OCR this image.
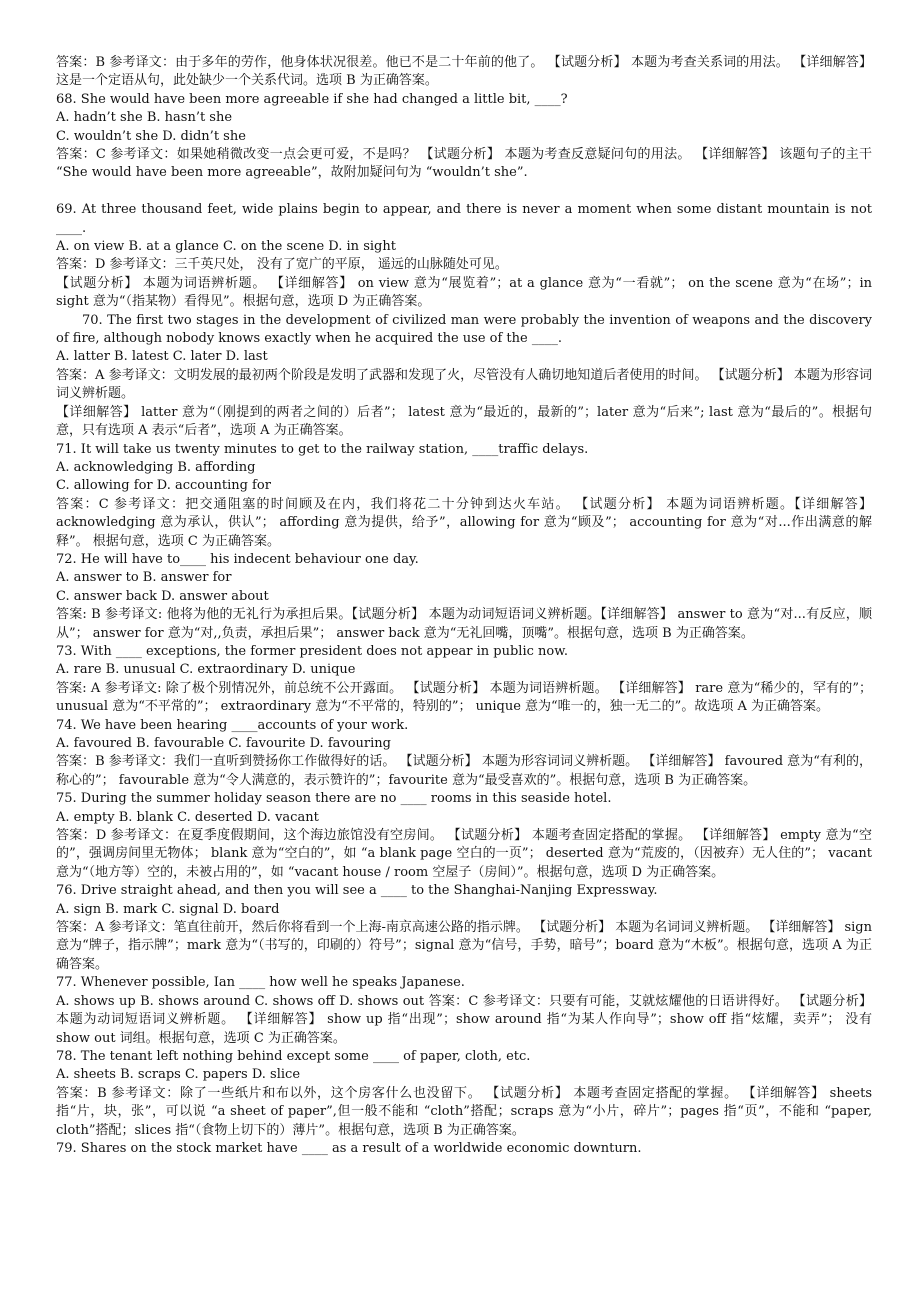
答案：B 参考译文：由于多年的劳作，他身体状况很差。他已不是二十年前的他了。 【试题分析】 本题为考查关系词的用法。 【详细解答】 这是一个定语从句，此处缺少一个关系代词。选项 B 为正确答案。

68. She would have been more agreeable if she had changed a little bit, ____?

A. hadn’t she B. hasn’t she

C. wouldn’t she D. didn’t she

答案：C 参考译文：如果她稍微改变一点会更可爱，不是吗？ 【试题分析】 本题为考查反意疑问句的用法。 【详细解答】 该题句子的主干 “She would have been more agreeable”，故附加疑问句为 “wouldn’t she”.

69. At three thousand feet, wide plains begin to appear, and there is never a moment when some distant mountain is not ____.

A. on view B. at a glance C. on the scene D. in sight

答案：D 参考译文：三千英尺处， 没有了宽广的平原， 遥远的山脉随处可见。

【试题分析】 本题为词语辨析题。 【详细解答】 on view 意为“展览着”；at a glance 意为“一看就”； on the scene 意为“在场”；in sight 意为“（指某物）看得见”。根据句意，选项 D 为正确答案。

70. The first two stages in the development of civilized man were probably the invention of weapons and the discovery of fire, although nobody knows exactly when he acquired the use of the ____.

A. latter B. latest C. later D. last

答案：A 参考译文：文明发展的最初两个阶段是发明了武器和发现了火，尽管没有人确切地知道后者使用的时间。 【试题分析】 本题为形容词词义辨析题。

【详细解答】 latter 意为“（刚提到的两者之间的）后者”； latest 意为“最近的，最新的”；later 意为“后来”; last 意为“最后的”。根据句意，只有选项 A 表示“后者”，选项 A 为正确答案。

71. It will take us twenty minutes to get to the railway station, ____traffic delays.

A. acknowledging B. affording

C. allowing for D. accounting for

答案：C 参考译文：把交通阻塞的时间顾及在内，我们将花二十分钟到达火车站。 【试题分析】 本题为词语辨析题。【详细解答】 acknowledging 意为承认，供认”； affording 意为提供，给予”，allowing for 意为“顾及”； accounting for 意为“对...作出满意的解释”。 根据句意，选项 C 为正确答案。

72. He will have to____ his indecent behaviour one day.

A. answer to B. answer for

C. answer back D. answer about

答案: B 参考译文: 他将为他的无礼行为承担后果。【试题分析】 本题为动词短语词义辨析题。【详细解答】 answer to 意为“对...有反应，顺从”； answer for 意为“对,,负责，承担后果”； answer back 意为“无礼回嘴，顶嘴”。根据句意，选项 B 为正确答案。

73. With ____ exceptions, the former president does not appear in public now.

A. rare B. unusual C. extraordinary D. unique

答案: A 参考译文: 除了极个别情况外，前总统不公开露面。 【试题分析】 本题为词语辨析题。 【详细解答】 rare 意为“稀少的，罕有的”； unusual 意为“不平常的”； extraordinary 意为“不平常的，特别的”； unique 意为“唯一的，独一无二的”。故选项 A 为正确答案。

74. We have been hearing ____accounts of your work.

A. favoured B. favourable C. favourite D. favouring

答案：B 参考译文：我们一直听到赞扬你工作做得好的话。 【试题分析】 本题为形容词词义辨析题。 【详细解答】 favoured 意为“有利的，称心的”； favourable 意为“令人满意的，表示赞许的”；favourite 意为“最受喜欢的”。根据句意，选项 B 为正确答案。

75. During the summer holiday season there are no ____ rooms in this seaside hotel.

A. empty B. blank C. deserted D. vacant

答案：D 参考译文：在夏季度假期间，这个海边旅馆没有空房间。 【试题分析】 本题考查固定搭配的掌握。 【详细解答】 empty 意为“空的”，强调房间里无物体； blank 意为“空白的”，如 “a blank page 空白的一页”； deserted 意为“荒废的，（因被弃）无人住的”； vacant 意为“（地方等）空的，未被占用的”，如 “vacant house / room 空屋子（房间）”。根据句意，选项 D 为正确答案。

76. Drive straight ahead, and then you will see a ____ to the Shanghai-Nanjing Expressway.

A. sign B. mark C. signal D. board

答案：A 参考译文：笔直往前开，然后你将看到一个上海-南京高速公路的指示牌。 【试题分析】 本题为名词词义辨析题。 【详细解答】 sign 意为“牌子，指示牌”；mark 意为“（书写的，印刷的）符号”；signal 意为“信号，手势，暗号”；board 意为“木板”。根据句意，选项 A 为正确答案。

77. Whenever possible, Ian ____ how well he speaks Japanese.

A. shows up B. shows around C. shows off D. shows out 答案：C 参考译文：只要有可能，艾就炫耀他的日语讲得好。 【试题分析】 本题为动词短语词义辨析题。 【详细解答】 show up 指“出现”；show around 指“为某人作向导”；show off 指“炫耀，卖弄”； 没有 show out 词组。根据句意，选项 C 为正确答案。

78. The tenant left nothing behind except some ____ of paper, cloth, etc.

A. sheets B. scraps C. papers D. slice

答案：B 参考译文：除了一些纸片和布以外，这个房客什么也没留下。 【试题分析】 本题考查固定搭配的掌握。 【详细解答】 sheets 指“片，块，张”，可以说 “a sheet of paper”,但一般不能和 “cloth”搭配；scraps 意为“小片，碎片”；pages 指“页”，不能和 “paper, cloth”搭配；slices 指“（食物上切下的）薄片”。根据句意，选项 B 为正确答案。

79. Shares on the stock market have ____ as a result of a worldwide economic downturn.
